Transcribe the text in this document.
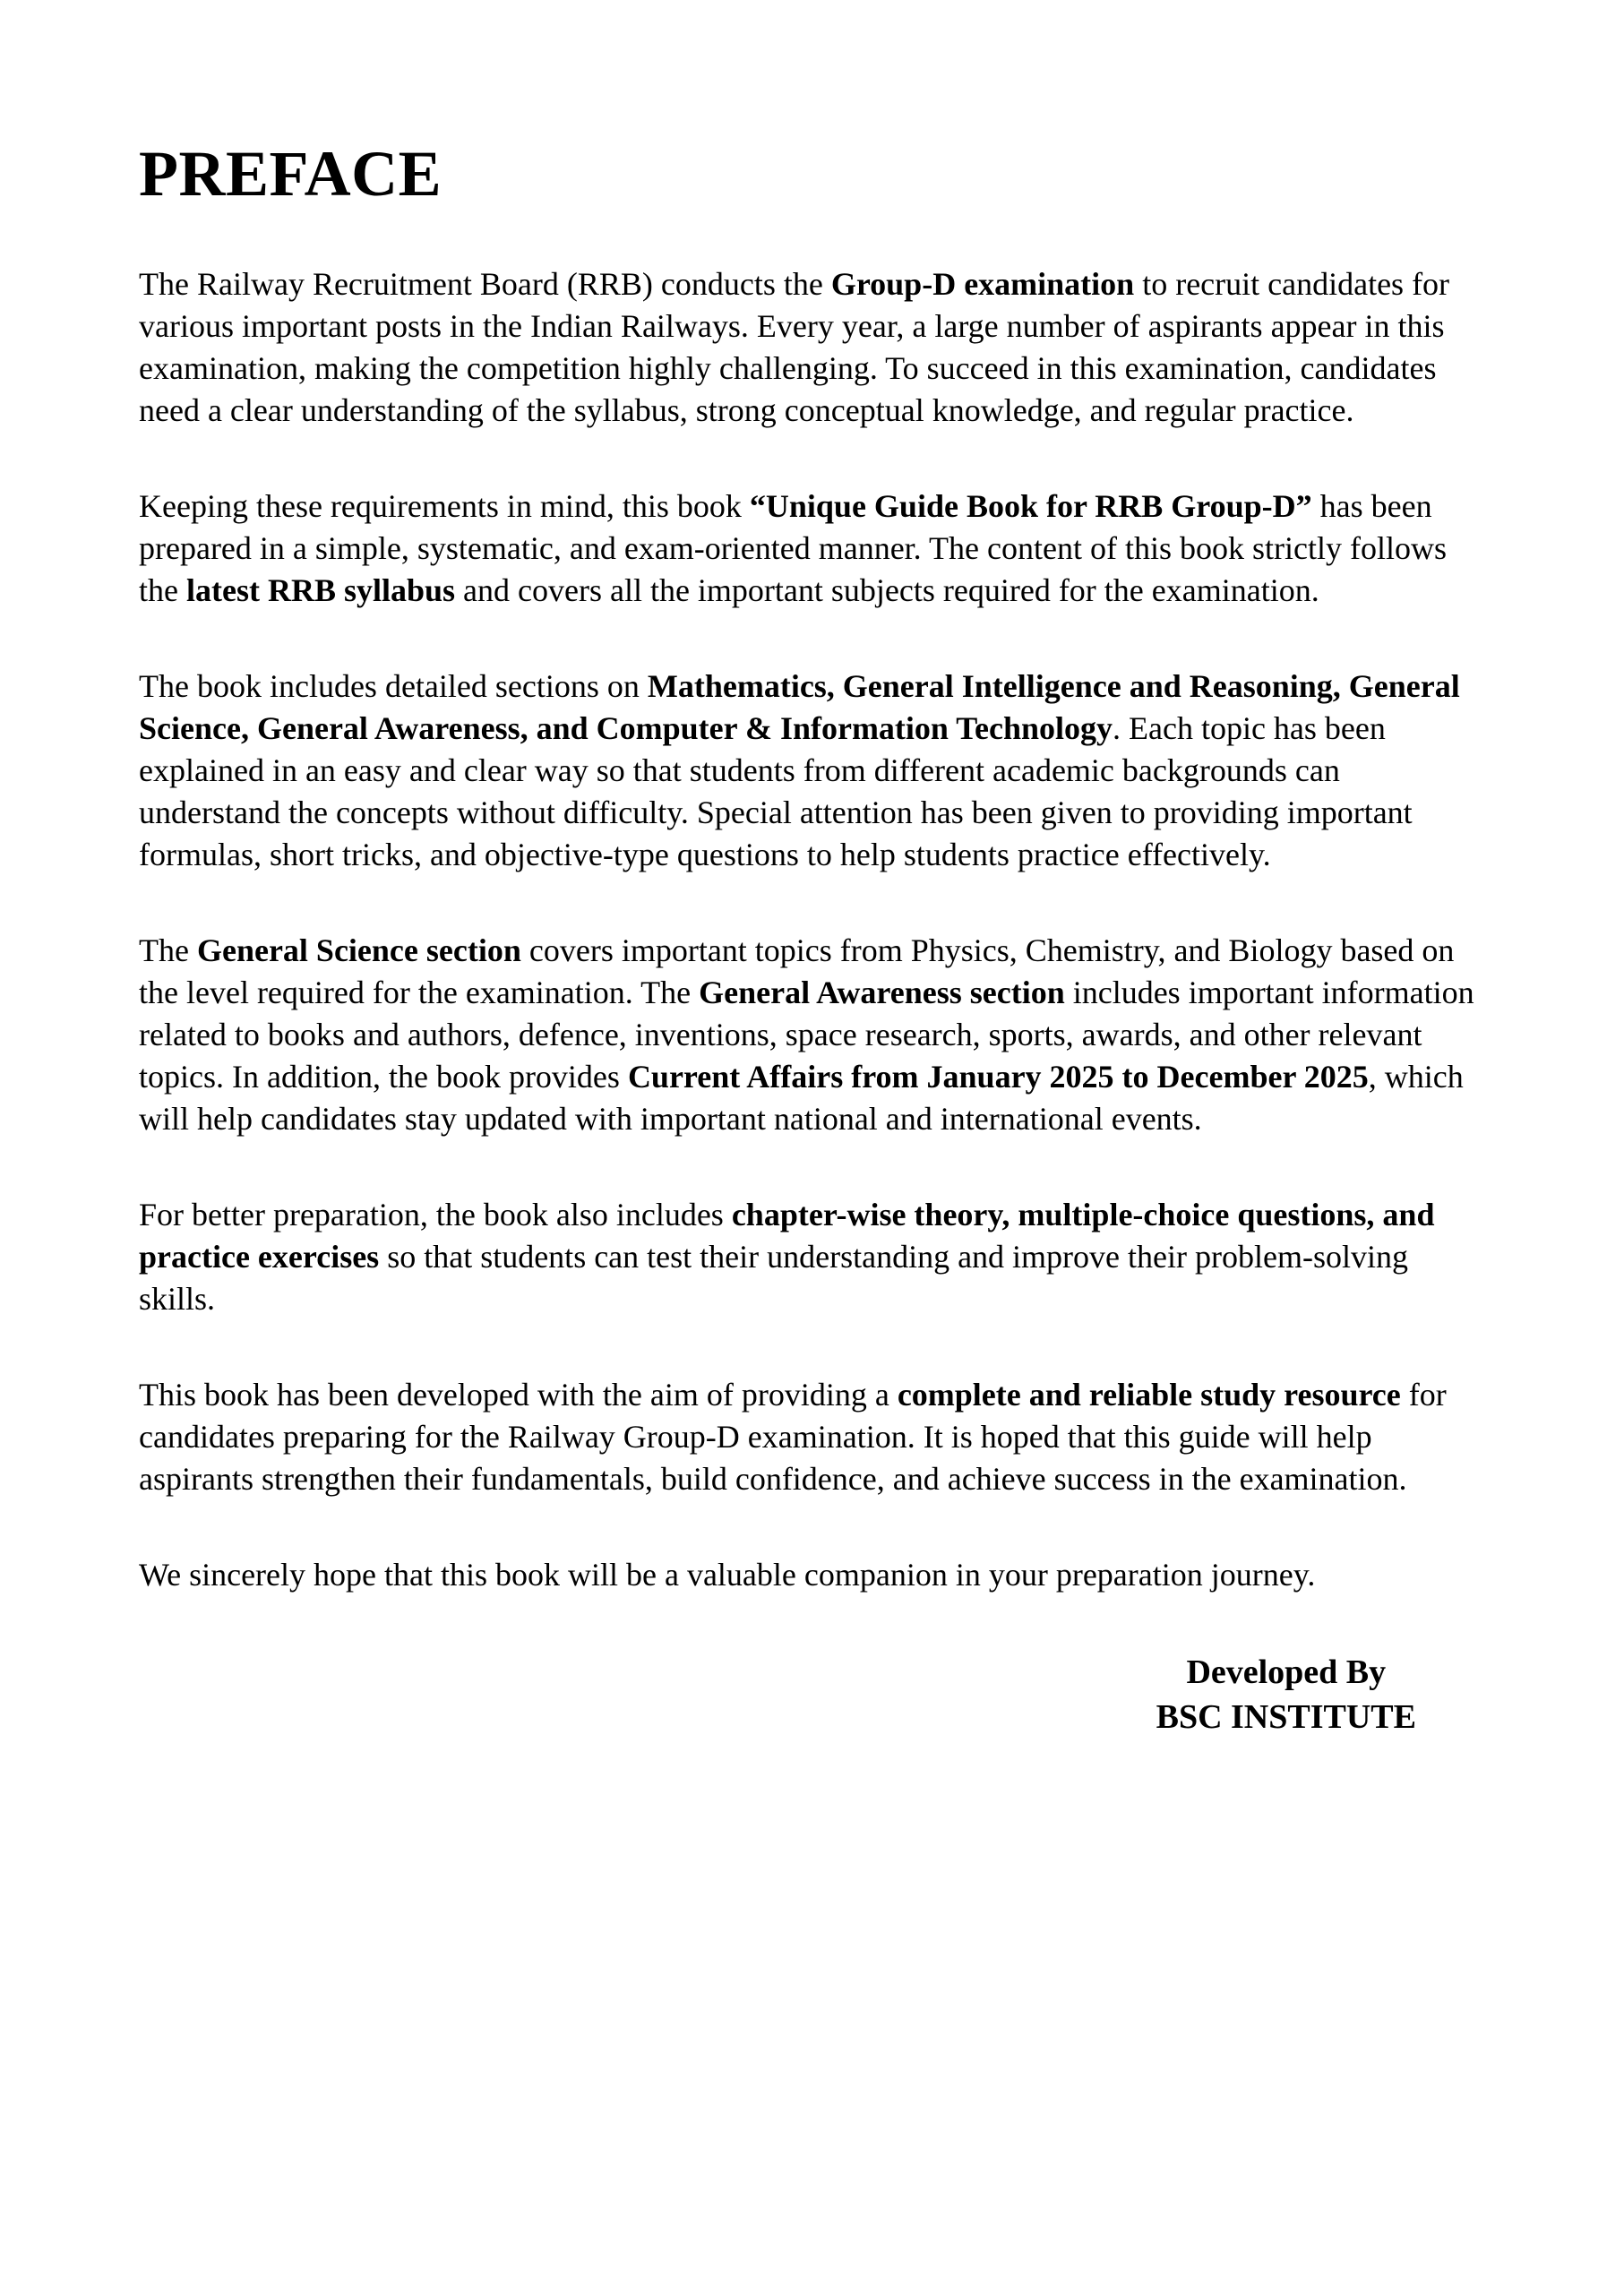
PREFACE

The Railway Recruitment Board (RRB) conducts the Group-D examination to recruit candidates for various important posts in the Indian Railways. Every year, a large number of aspirants appear in this examination, making the competition highly challenging. To succeed in this examination, candidates need a clear understanding of the syllabus, strong conceptual knowledge, and regular practice.

Keeping these requirements in mind, this book “Unique Guide Book for RRB Group-D” has been prepared in a simple, systematic, and exam-oriented manner. The content of this book strictly follows the latest RRB syllabus and covers all the important subjects required for the examination.

The book includes detailed sections on Mathematics, General Intelligence and Reasoning, General Science, General Awareness, and Computer & Information Technology. Each topic has been explained in an easy and clear way so that students from different academic backgrounds can understand the concepts without difficulty. Special attention has been given to providing important formulas, short tricks, and objective-type questions to help students practice effectively.

The General Science section covers important topics from Physics, Chemistry, and Biology based on the level required for the examination. The General Awareness section includes important information related to books and authors, defence, inventions, space research, sports, awards, and other relevant topics. In addition, the book provides Current Affairs from January 2025 to December 2025, which will help candidates stay updated with important national and international events.

For better preparation, the book also includes chapter-wise theory, multiple-choice questions, and practice exercises so that students can test their understanding and improve their problem-solving skills.

This book has been developed with the aim of providing a complete and reliable study resource for candidates preparing for the Railway Group-D examination. It is hoped that this guide will help aspirants strengthen their fundamentals, build confidence, and achieve success in the examination.

We sincerely hope that this book will be a valuable companion in your preparation journey.

Developed By
BSC INSTITUTE
